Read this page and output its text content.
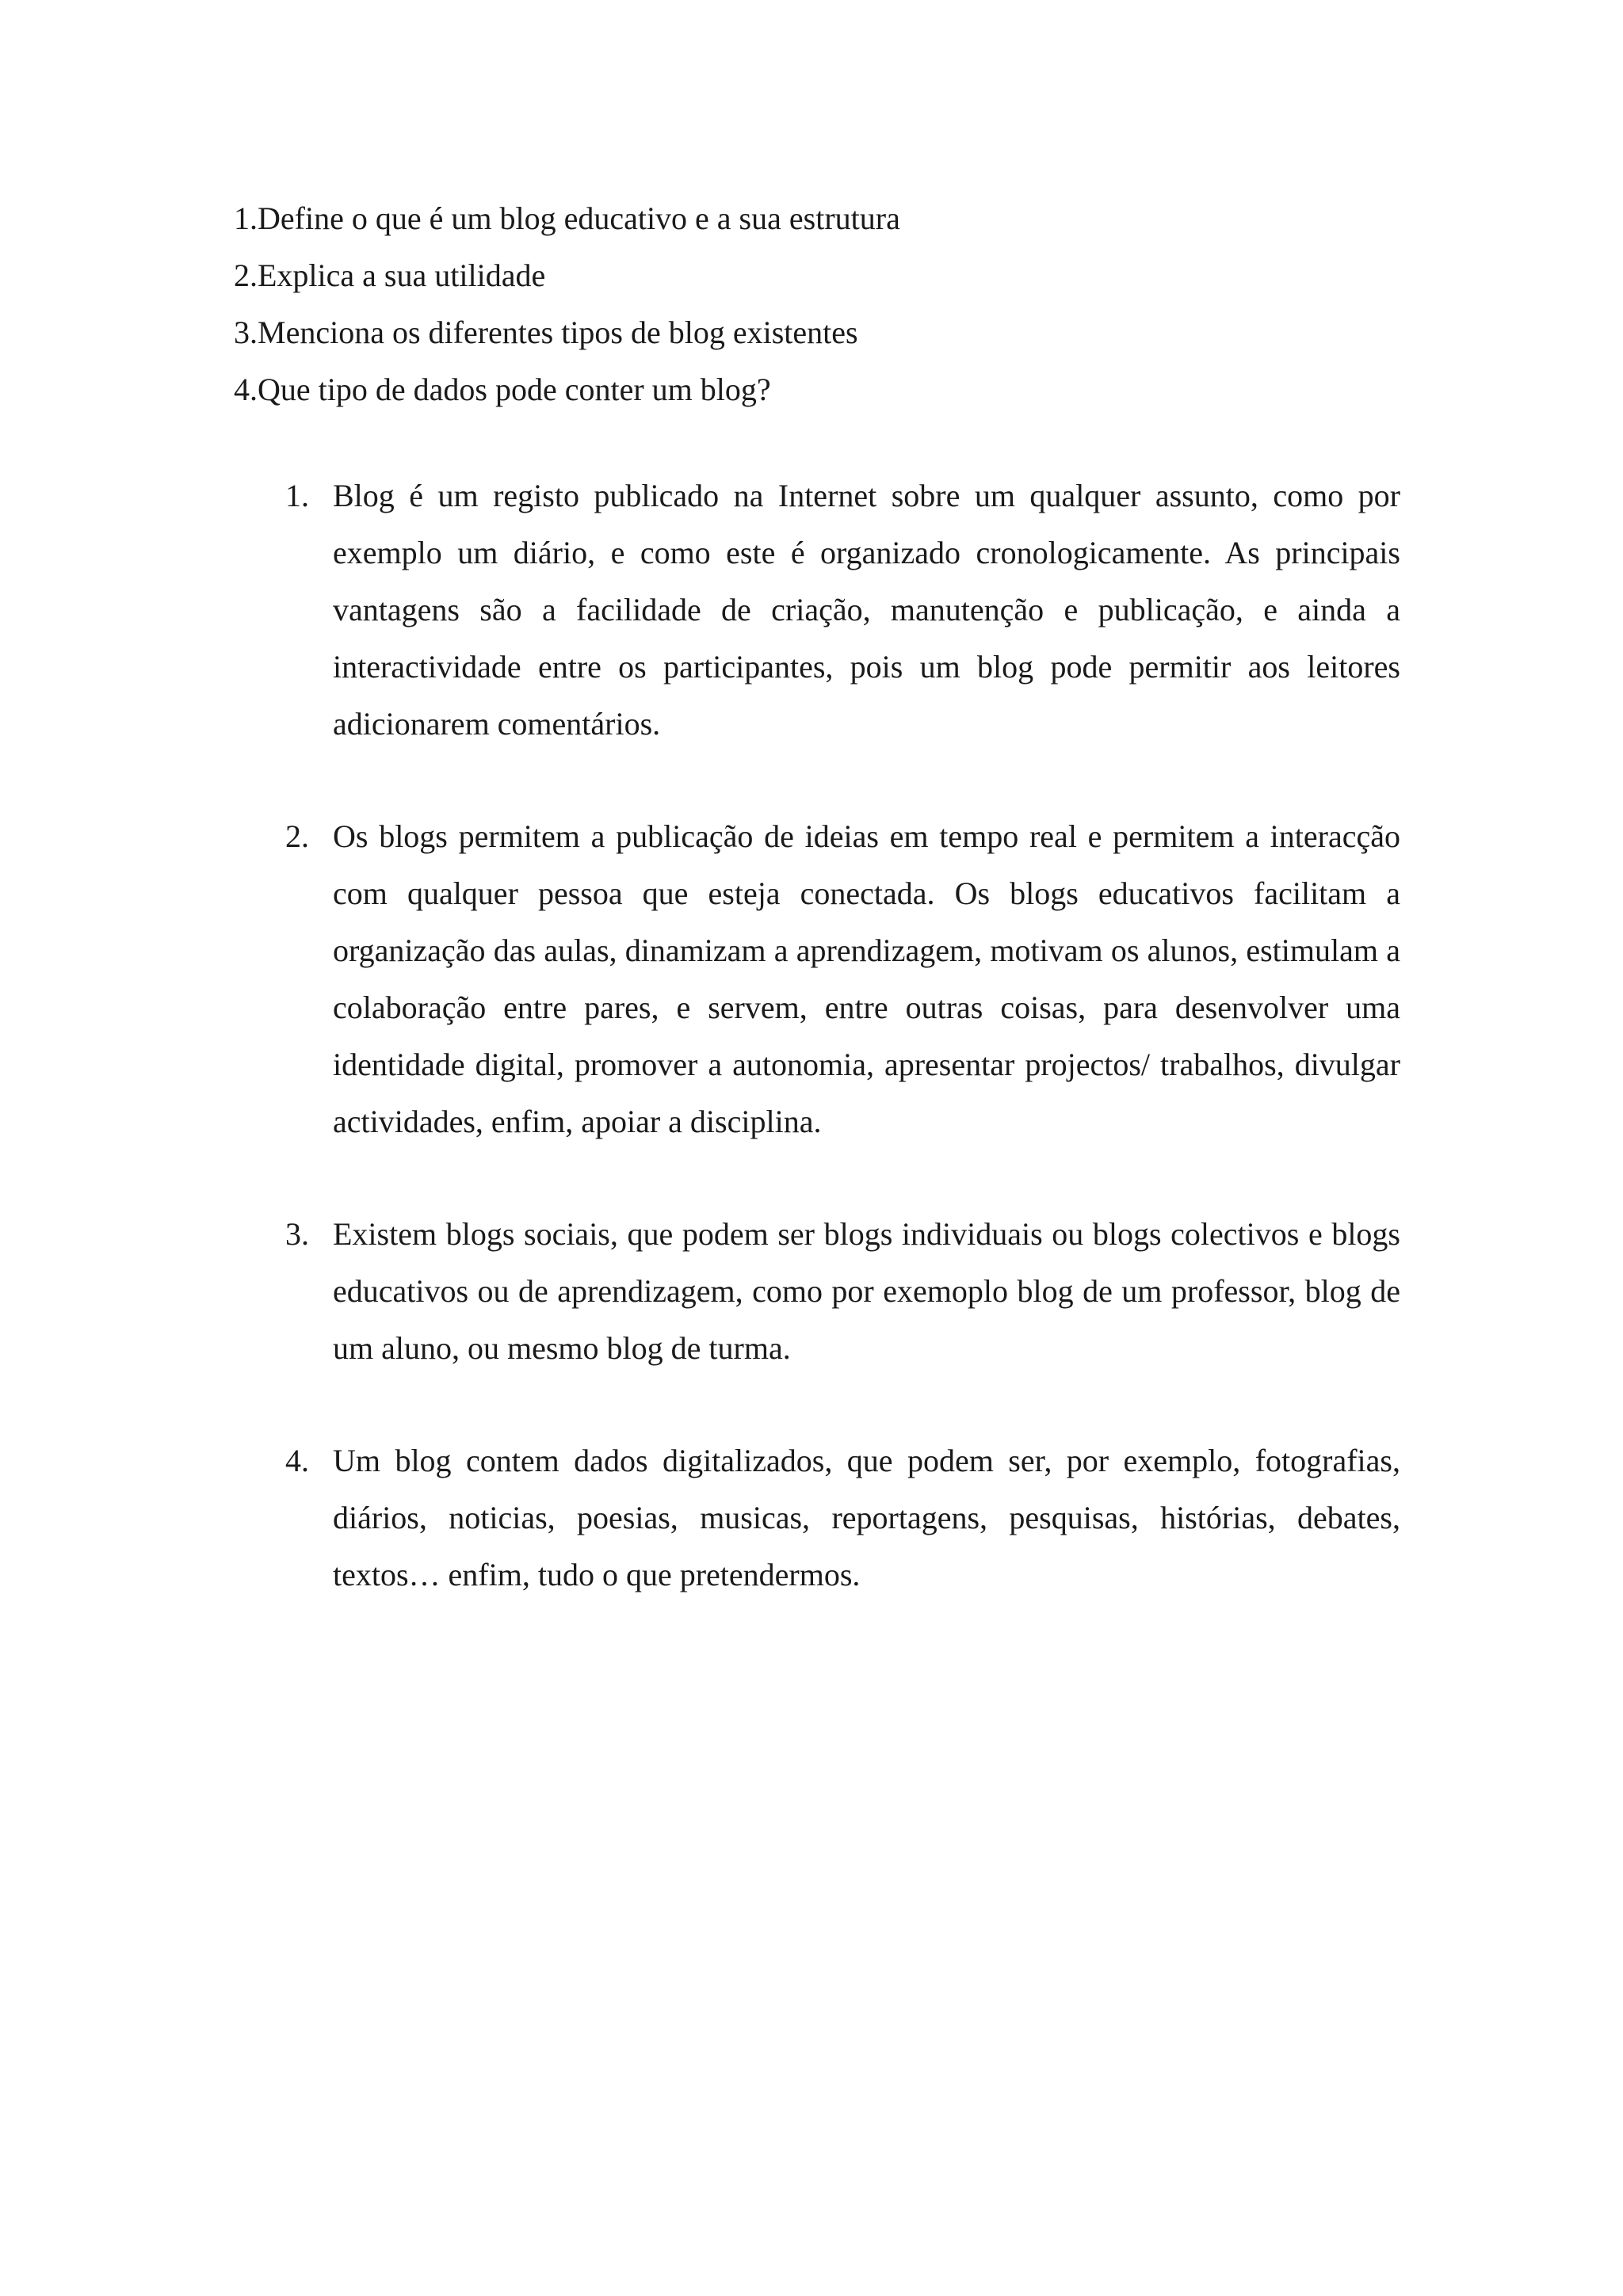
1.Define o que é um blog educativo e a sua estrutura

2.Explica a sua utilidade

3.Menciona os diferentes tipos de blog existentes

4.Que tipo de dados pode conter um blog?

1. Blog é um registo publicado na Internet sobre um qualquer assunto, como por exemplo um diário, e como este é organizado cronologicamente. As principais vantagens são a facilidade de criação, manutenção e publicação, e ainda a interactividade entre os participantes, pois um blog pode permitir aos leitores adicionarem comentários.
2. Os blogs permitem a publicação de ideias em tempo real e permitem a interacção com qualquer pessoa que esteja conectada. Os blogs educativos facilitam a organização das aulas, dinamizam a aprendizagem, motivam os alunos, estimulam a colaboração entre pares, e servem, entre outras coisas, para desenvolver uma identidade digital, promover a autonomia, apresentar projectos/ trabalhos, divulgar actividades, enfim, apoiar a disciplina.
3. Existem blogs sociais, que podem ser blogs individuais ou blogs colectivos e blogs educativos ou de aprendizagem, como por exemoplo blog de um professor, blog de um aluno, ou mesmo blog de turma.
4. Um blog contem dados digitalizados, que podem ser, por exemplo, fotografias, diários, noticias, poesias, musicas, reportagens, pesquisas, histórias, debates, textos… enfim, tudo o que pretendermos.
